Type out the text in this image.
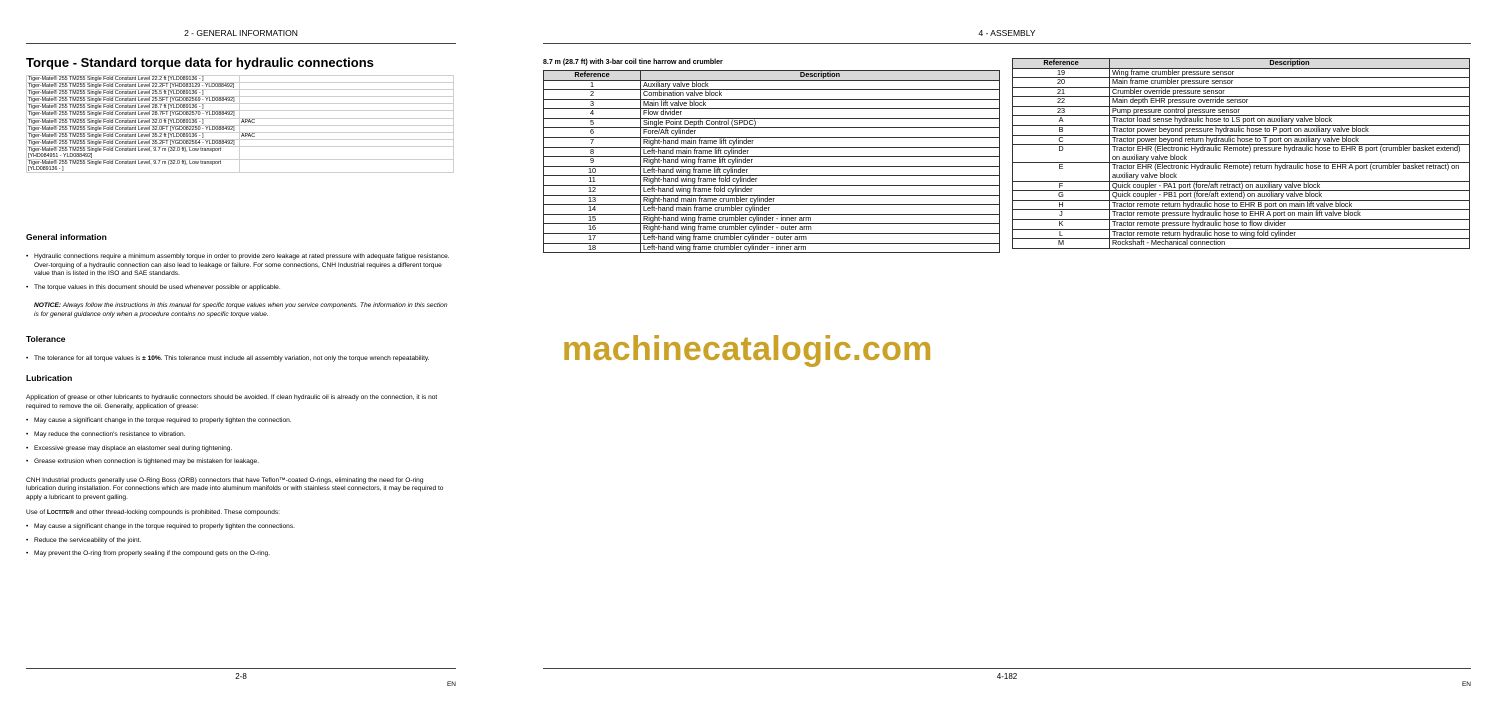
2 - GENERAL INFORMATION
Torque - Standard torque data for hydraulic connections
Tiger-Mate® 255 TM255 Single Fold Constant Level 22.2 ft [YLD089136 - ]	
Tiger-Mate® 255 TM255 Single Fold Constant Level 22.2FT [YHD083129 - YLD088492]	
Tiger-Mate® 255 TM255 Single Fold Constant Level 25.5 ft [YLD089136 - ]	
Tiger-Mate® 255 TM255 Single Fold Constant Level 25.5FT [YGD082569 - YLD088492]	
Tiger-Mate® 255 TM255 Single Fold Constant Level 28.7 ft [YLD089136 - ]	
Tiger-Mate® 255 TM255 Single Fold Constant Level 28.7FT [YGD082570 - YLD088492]	
Tiger-Mate® 255 TM255 Single Fold Constant Level 32.0 ft [YLD089136 - ]	APAC
Tiger-Mate® 255 TM255 Single Fold Constant Level 32.0FT [YGD082250 - YLD088492]	
Tiger-Mate® 255 TM255 Single Fold Constant Level 35.2 ft [YLD089136 - ]	APAC
Tiger-Mate® 255 TM255 Single Fold Constant Level 35.2FT [YGD082564 - YLD088492]	
Tiger-Mate® 255 TM255 Single Fold Constant Level, 9.7 m (32.0 ft), Low transport [YHD084951 - YLD088492]	
Tiger-Mate® 255 TM255 Single Fold Constant Level, 9.7 m (32.0 ft), Low transport [YLD089136 - ]	
General information
• Hydraulic connections require a minimum assembly torque in order to provide zero leakage at rated pressure with adequate fatigue resistance. Over-torquing of a hydraulic connection can also lead to leakage or failure. For some connections, CNH Industrial requires a different torque value than is listed in the ISO and SAE standards.
• The torque values in this document should be used whenever possible or applicable.

NOTICE: Always follow the instructions in this manual for specific torque values when you service components. The information in this section is for general guidance only when a procedure contains no specific torque value.

Tolerance
• The tolerance for all torque values is ± 10%. This tolerance must include all assembly variation, not only the torque wrench repeatability.
Lubrication

Application of grease or other lubricants to hydraulic connectors should be avoided. If clean hydraulic oil is already on the connection, it is not required to remove the oil. Generally, application of grease:

• May cause a significant change in the torque required to properly tighten the connection.
• May reduce the connection's resistance to vibration.
• Excessive grease may displace an elastomer seal during tightening.
• Grease extrusion when connection is tightened may be mistaken for leakage.

CNH Industrial products generally use O-Ring Boss (ORB) connectors that have Teflon™-coated O-rings, eliminating the need for O-ring lubrication during installation. For connections which are made into aluminum manifolds or with stainless steel connectors, it may be required to apply a lubricant to prevent galling.

Use of Loctite® and other thread-locking compounds is prohibited. These compounds:

• May cause a significant change in the torque required to properly tighten the connections.
• Reduce the serviceability of the joint.
• May prevent the O-ring from properly sealing if the compound gets on the O-ring.
2-8
EN
4 - ASSEMBLY
8.7 m (28.7 ft) with 3-bar coil tine harrow and crumbler
Reference	Description
1	Auxiliary valve block
2	Combination valve block
3	Main lift valve block
4	Flow divider
5	Single Point Depth Control (SPDC)
6	Fore/Aft cylinder
7	Right-hand main frame lift cylinder
8	Left-hand main frame lift cylinder
9	Right-hand wing frame lift cylinder
10	Left-hand wing frame lift cylinder
11	Right-hand wing frame fold cylinder
12	Left-hand wing frame fold cylinder
13	Right-hand main frame crumbler cylinder
14	Left-hand main frame crumbler cylinder
15	Right-hand wing frame crumbler cylinder - inner arm
16	Right-hand wing frame crumbler cylinder - outer arm
17	Left-hand wing frame crumbler cylinder - outer arm
18	Left-hand wing frame crumbler cylinder - inner arm
Reference	Description
19	Wing frame crumbler pressure sensor
20	Main frame crumbler pressure sensor
21	Crumbler override pressure sensor
22	Main depth EHR pressure override sensor
23	Pump pressure control pressure sensor
A	Tractor load sense hydraulic hose to LS port on auxiliary valve block
B	Tractor power beyond pressure hydraulic hose to P port on auxiliary valve block
C	Tractor power beyond return hydraulic hose to T port on auxiliary valve block
D	Tractor EHR (Electronic Hydraulic Remote) pressure hydraulic hose to EHR B port (crumbler basket extend) on auxiliary valve block
E	Tractor EHR (Electronic Hydraulic Remote) return hydraulic hose to EHR A port (crumbler basket retract) on auxiliary valve block
F	Quick coupler - PA1 port (fore/aft retract) on auxiliary valve block
G	Quick coupler - PB1 port (fore/aft extend) on auxiliary valve block
H	Tractor remote return hydraulic hose to EHR B port on main lift valve block
J	Tractor remote pressure hydraulic hose to EHR A port on main lift valve block
K	Tractor remote pressure hydraulic hose to flow divider
L	Tractor remote return hydraulic hose to wing fold cylinder
M	Rockshaft - Mechanical connection
4-182
EN
machinecatalogic.com
